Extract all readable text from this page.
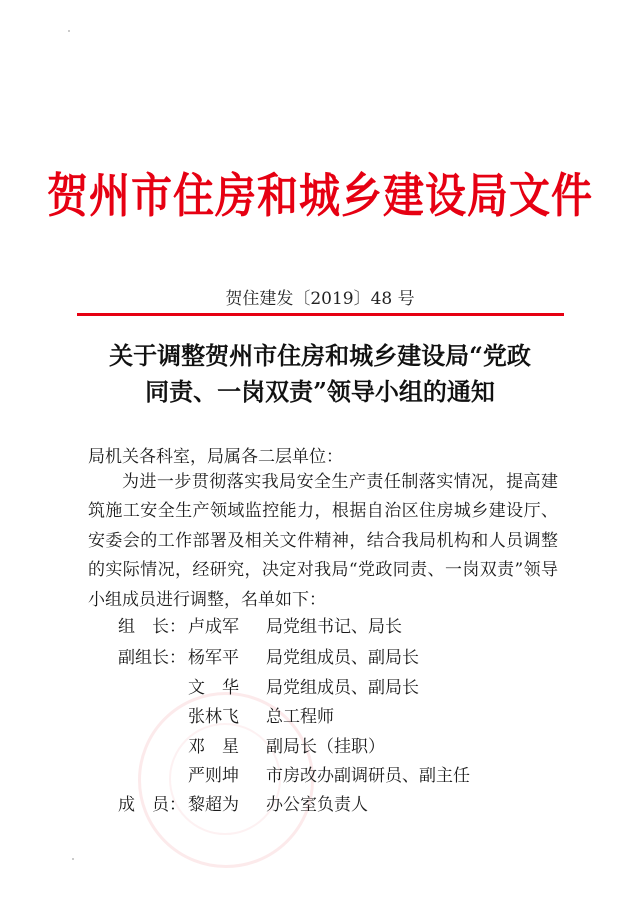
贺州市住房和城乡建设局文件
贺住建发〔2019〕48 号
关于调整贺州市住房和城乡建设局“党政
同责、一岗双责”领导小组的通知
局机关各科室，局属各二层单位：
为进一步贯彻落实我局安全生产责任制落实情况，提高建筑施工安全生产领域监控能力，根据自治区住房城乡建设厅、安委会的工作部署及相关文件精神，结合我局机构和人员调整的实际情况，经研究，决定对我局“党政同责、一岗双责”领导小组成员进行调整，名单如下：
组　长： 卢成军	局党组书记、局长
副组长： 杨军平	局党组成员、副局长
文　华	局党组成员、副局长
张林飞	总工程师
邓　星	副局长（挂职）
严则坤	市房改办副调研员、副主任
成　员： 黎超为	办公室负责人
